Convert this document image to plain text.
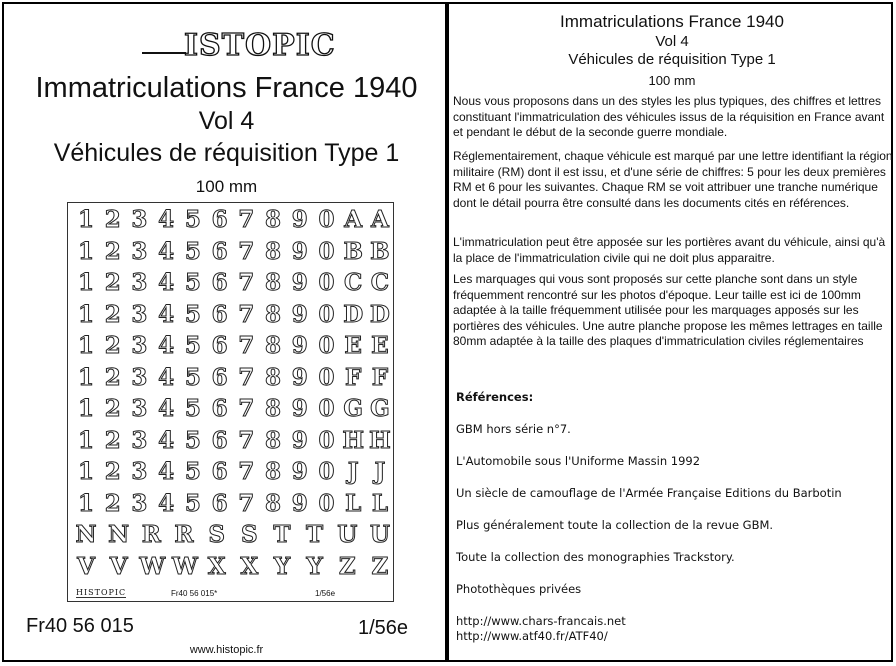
ISTOPIC
Immatriculations France 1940
Vol 4
Véhicules de réquisition Type 1
100 mm
1 2 3 4 5 6 7 8 9 0 A A
1 2 3 4 5 6 7 8 9 0 B B
1 2 3 4 5 6 7 8 9 0 C C
1 2 3 4 5 6 7 8 9 0 D D
1 2 3 4 5 6 7 8 9 0 E E
1 2 3 4 5 6 7 8 9 0 F F
1 2 3 4 5 6 7 8 9 0 G G
1 2 3 4 5 6 7 8 9 0 H H
1 2 3 4 5 6 7 8 9 0 J J
1 2 3 4 5 6 7 8 9 0 L L
N N R R S S T T U U
V V W W X X Y Y Z Z
HISTOPIC	Fr40 56 015*	1/56e
Fr40 56 015	1/56e
www.histopic.fr
Immatriculations France 1940
Vol 4
Véhicules de réquisition Type 1
100 mm
Nous vous proposons dans un des styles les plus typiques, des chiffres et lettres constituant l'immatriculation des véhicules issus de la réquisition en France avant et pendant le début de la seconde guerre mondiale.
Réglementairement, chaque véhicule est marqué par une lettre identifiant la région militaire (RM) dont il est issu, et d'une série de chiffres: 5 pour les deux premières RM et 6 pour les suivantes. Chaque RM se voit attribuer une tranche numérique dont le détail pourra être consulté dans les documents cités en références.
L'immatriculation peut être apposée sur les portières avant du véhicule, ainsi qu'à la place de l'immatriculation civile qui ne doit plus apparaitre.
Les marquages qui vous sont proposés sur cette planche sont dans un style fréquemment rencontré sur les photos d'époque. Leur taille est ici de 100mm adaptée à la taille fréquemment utilisée pour les marquages apposés sur les portières des véhicules. Une autre planche propose les mêmes lettrages en taille 80mm adaptée à la taille des plaques d'immatriculation civiles réglementaires
Références:
GBM hors série n°7.
L'Automobile sous l'Uniforme Massin 1992
Un siècle de camouflage de l'Armée Française Editions du Barbotin
Plus généralement toute la collection de la revue GBM.
Toute la collection des monographies Trackstory.
Photothèques privées
http://www.chars-francais.net
http://www.atf40.fr/ATF40/
